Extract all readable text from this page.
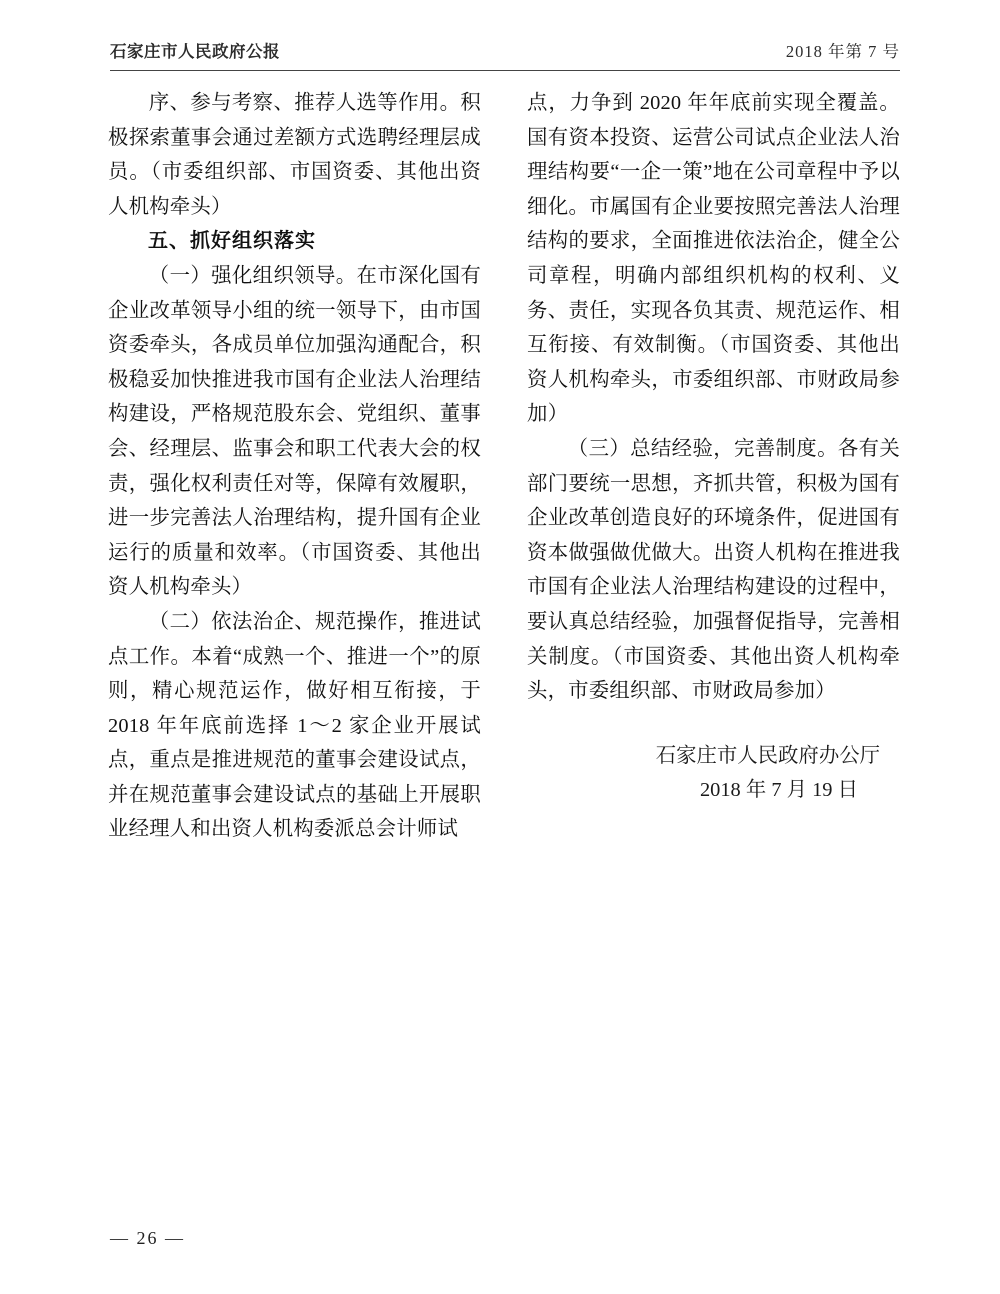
石家庄市人民政府公报	2018 年第 7 号

序、参与考察、推荐人选等作用。积极探索董事会通过差额方式选聘经理层成员。（市委组织部、市国资委、其他出资人机构牵头）

五、抓好组织落实

（一）强化组织领导。在市深化国有企业改革领导小组的统一领导下，由市国资委牵头，各成员单位加强沟通配合，积极稳妥加快推进我市国有企业法人治理结构建设，严格规范股东会、党组织、董事会、经理层、监事会和职工代表大会的权责，强化权利责任对等，保障有效履职，进一步完善法人治理结构，提升国有企业运行的质量和效率。（市国资委、其他出资人机构牵头）

（二）依法治企、规范操作，推进试点工作。本着“成熟一个、推进一个”的原则，精心规范运作，做好相互衔接，于 2018 年年底前选择 1～2 家企业开展试点，重点是推进规范的董事会建设试点，并在规范董事会建设试点的基础上开展职业经理人和出资人机构委派总会计师试

点，力争到 2020 年年底前实现全覆盖。国有资本投资、运营公司试点企业法人治理结构要“一企一策”地在公司章程中予以细化。市属国有企业要按照完善法人治理结构的要求，全面推进依法治企，健全公司章程，明确内部组织机构的权利、义务、责任，实现各负其责、规范运作、相互衔接、有效制衡。（市国资委、其他出资人机构牵头，市委组织部、市财政局参加）

（三）总结经验，完善制度。各有关部门要统一思想，齐抓共管，积极为国有企业改革创造良好的环境条件，促进国有资本做强做优做大。出资人机构在推进我市国有企业法人治理结构建设的过程中，要认真总结经验，加强督促指导，完善相关制度。（市国资委、其他出资人机构牵头，市委组织部、市财政局参加）

石家庄市人民政府办公厅
2018 年 7 月 19 日
— 26 —
